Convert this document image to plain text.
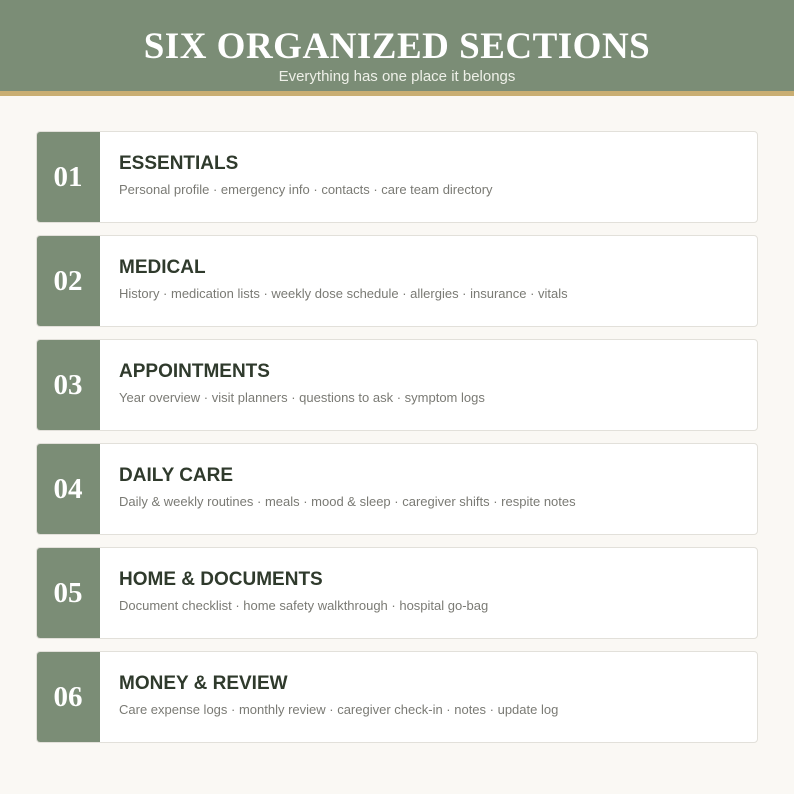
SIX ORGANIZED SECTIONS
Everything has one place it belongs
01 ESSENTIALS
Personal profile · emergency info · contacts · care team directory
02 MEDICAL
History · medication lists · weekly dose schedule · allergies · insurance · vitals
03 APPOINTMENTS
Year overview · visit planners · questions to ask · symptom logs
04 DAILY CARE
Daily & weekly routines · meals · mood & sleep · caregiver shifts · respite notes
05 HOME & DOCUMENTS
Document checklist · home safety walkthrough · hospital go-bag
06 MONEY & REVIEW
Care expense logs · monthly review · caregiver check-in · notes · update log
